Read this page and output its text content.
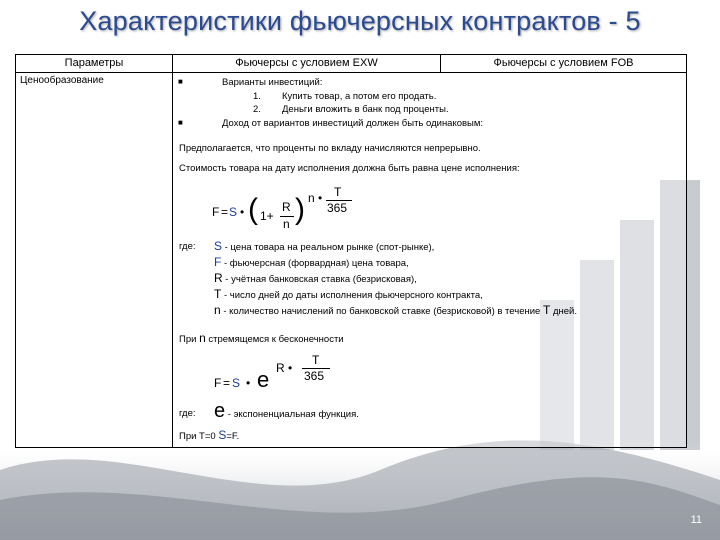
Характеристики фьючерсных контрактов - 5
Параметры	Фьючерсы с условием EXW	Фьючерсы с условием FOB
Ценообразование	■	Варианты инвестиций:
1. Купить товар, а потом его продать.
2. Деньги вложить в банк под проценты.
■	Доход от вариантов инвестиций должен быть одинаковым:
Предполагается, что проценты по вкладу начисляются непрерывно.
Стоимость товара на дату исполнения должна быть равна цене исполнения:
F = S • ( 1+
R
n ) n • T
365
где: S - цена товара на реальном рынке (спот-рынке),
F - фьючерсная (форвардная) цена товара,
R - учётная банковская ставка (безрисковая),
T - число дней до даты исполнения фьючерсного контракта,
n - количество начислений по банковской ставке (безрисковой) в течение T дней.
При n стремящемся к бесконечности
F = S • e R •
T
365
где: e - экспоненциальная функция.
При T=0 S=F.
11
